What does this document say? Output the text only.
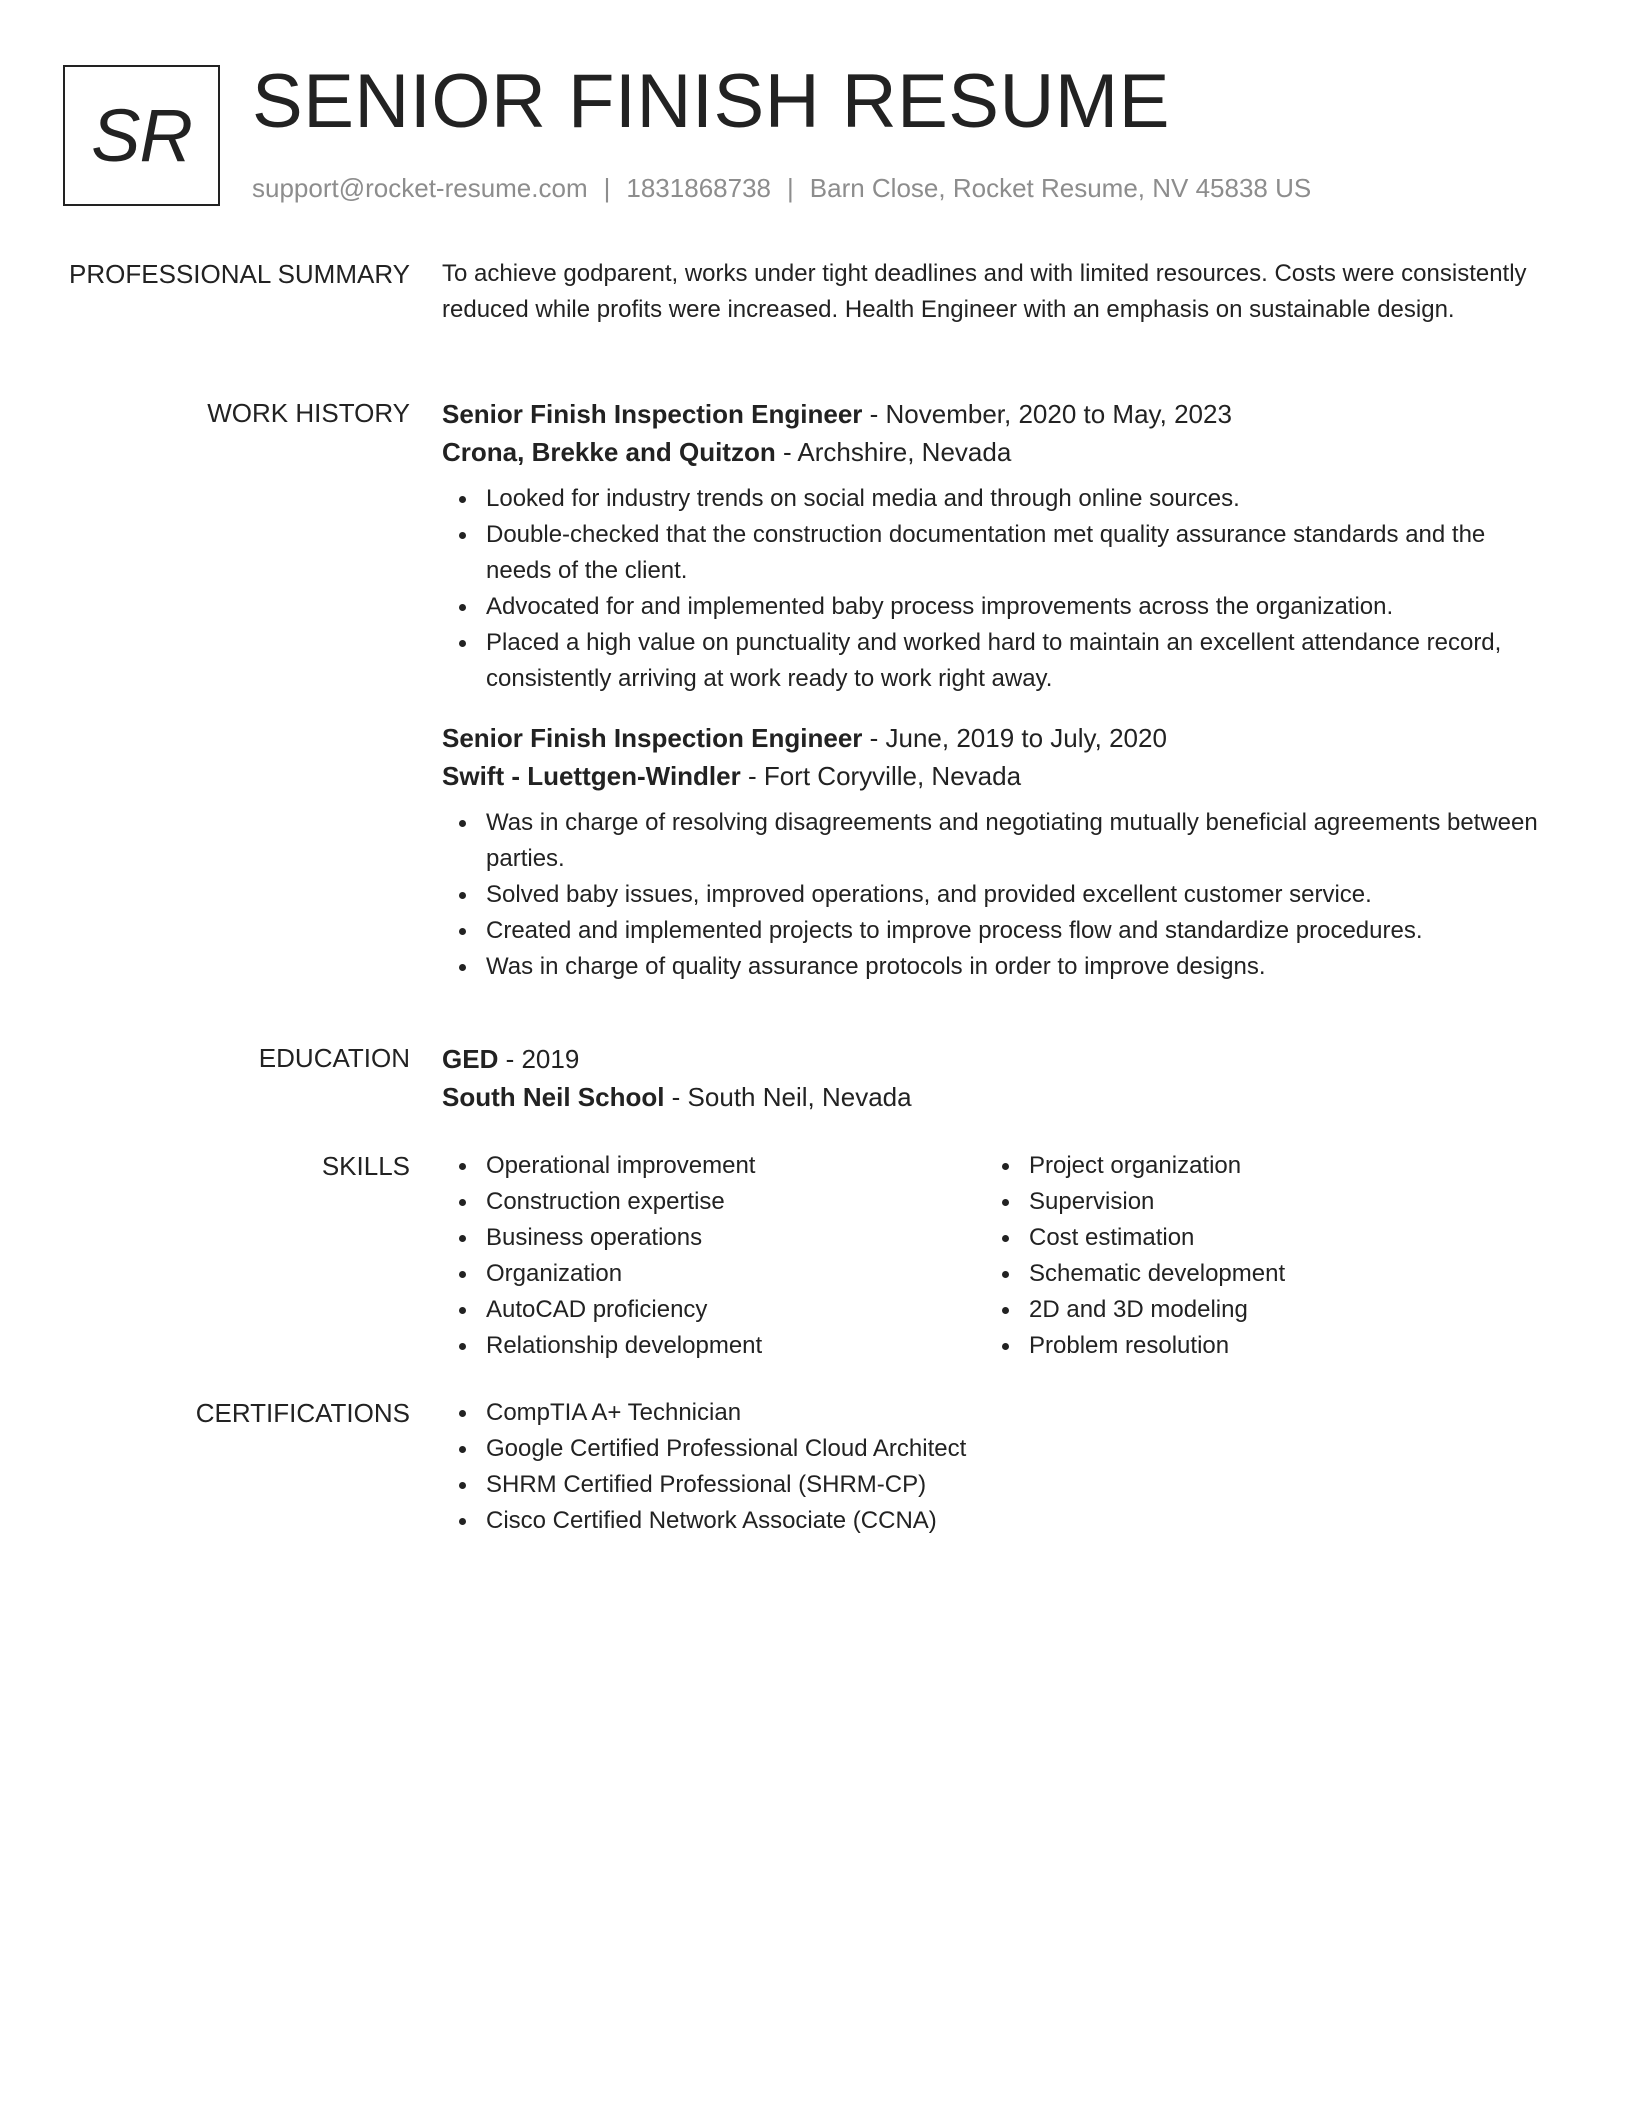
SR SENIOR FINISH RESUME
support@rocket-resume.com | 1831868738 | Barn Close, Rocket Resume, NV 45838 US
PROFESSIONAL SUMMARY To achieve godparent, works under tight deadlines and with limited resources. Costs were consistently reduced while profits were increased. Health Engineer with an emphasis on sustainable design.

WORK HISTORY Senior Finish Inspection Engineer - November, 2020 to May, 2023
Crona, Brekke and Quitzon - Archshire, Nevada
Looked for industry trends on social media and through online sources.
Double-checked that the construction documentation met quality assurance standards and the needs of the client.
Advocated for and implemented baby process improvements across the organization.
Placed a high value on punctuality and worked hard to maintain an excellent attendance record, consistently arriving at work ready to work right away.
Senior Finish Inspection Engineer - June, 2019 to July, 2020
Swift - Luettgen-Windler - Fort Coryville, Nevada
Was in charge of resolving disagreements and negotiating mutually beneficial agreements between parties.
Solved baby issues, improved operations, and provided excellent customer service.
Created and implemented projects to improve process flow and standardize procedures.
Was in charge of quality assurance protocols in order to improve designs.
EDUCATION GED - 2019
South Neil School - South Neil, Nevada
SKILLS	Operational improvement
Construction expertise
Business operations
Organization
AutoCAD proficiency
Relationship development
Project organization
Supervision
Cost estimation
Schematic development
2D and 3D modeling
Problem resolution
CERTIFICATIONS	CompTIA A+ Technician
Google Certified Professional Cloud Architect
SHRM Certified Professional (SHRM-CP)
Cisco Certified Network Associate (CCNA)
